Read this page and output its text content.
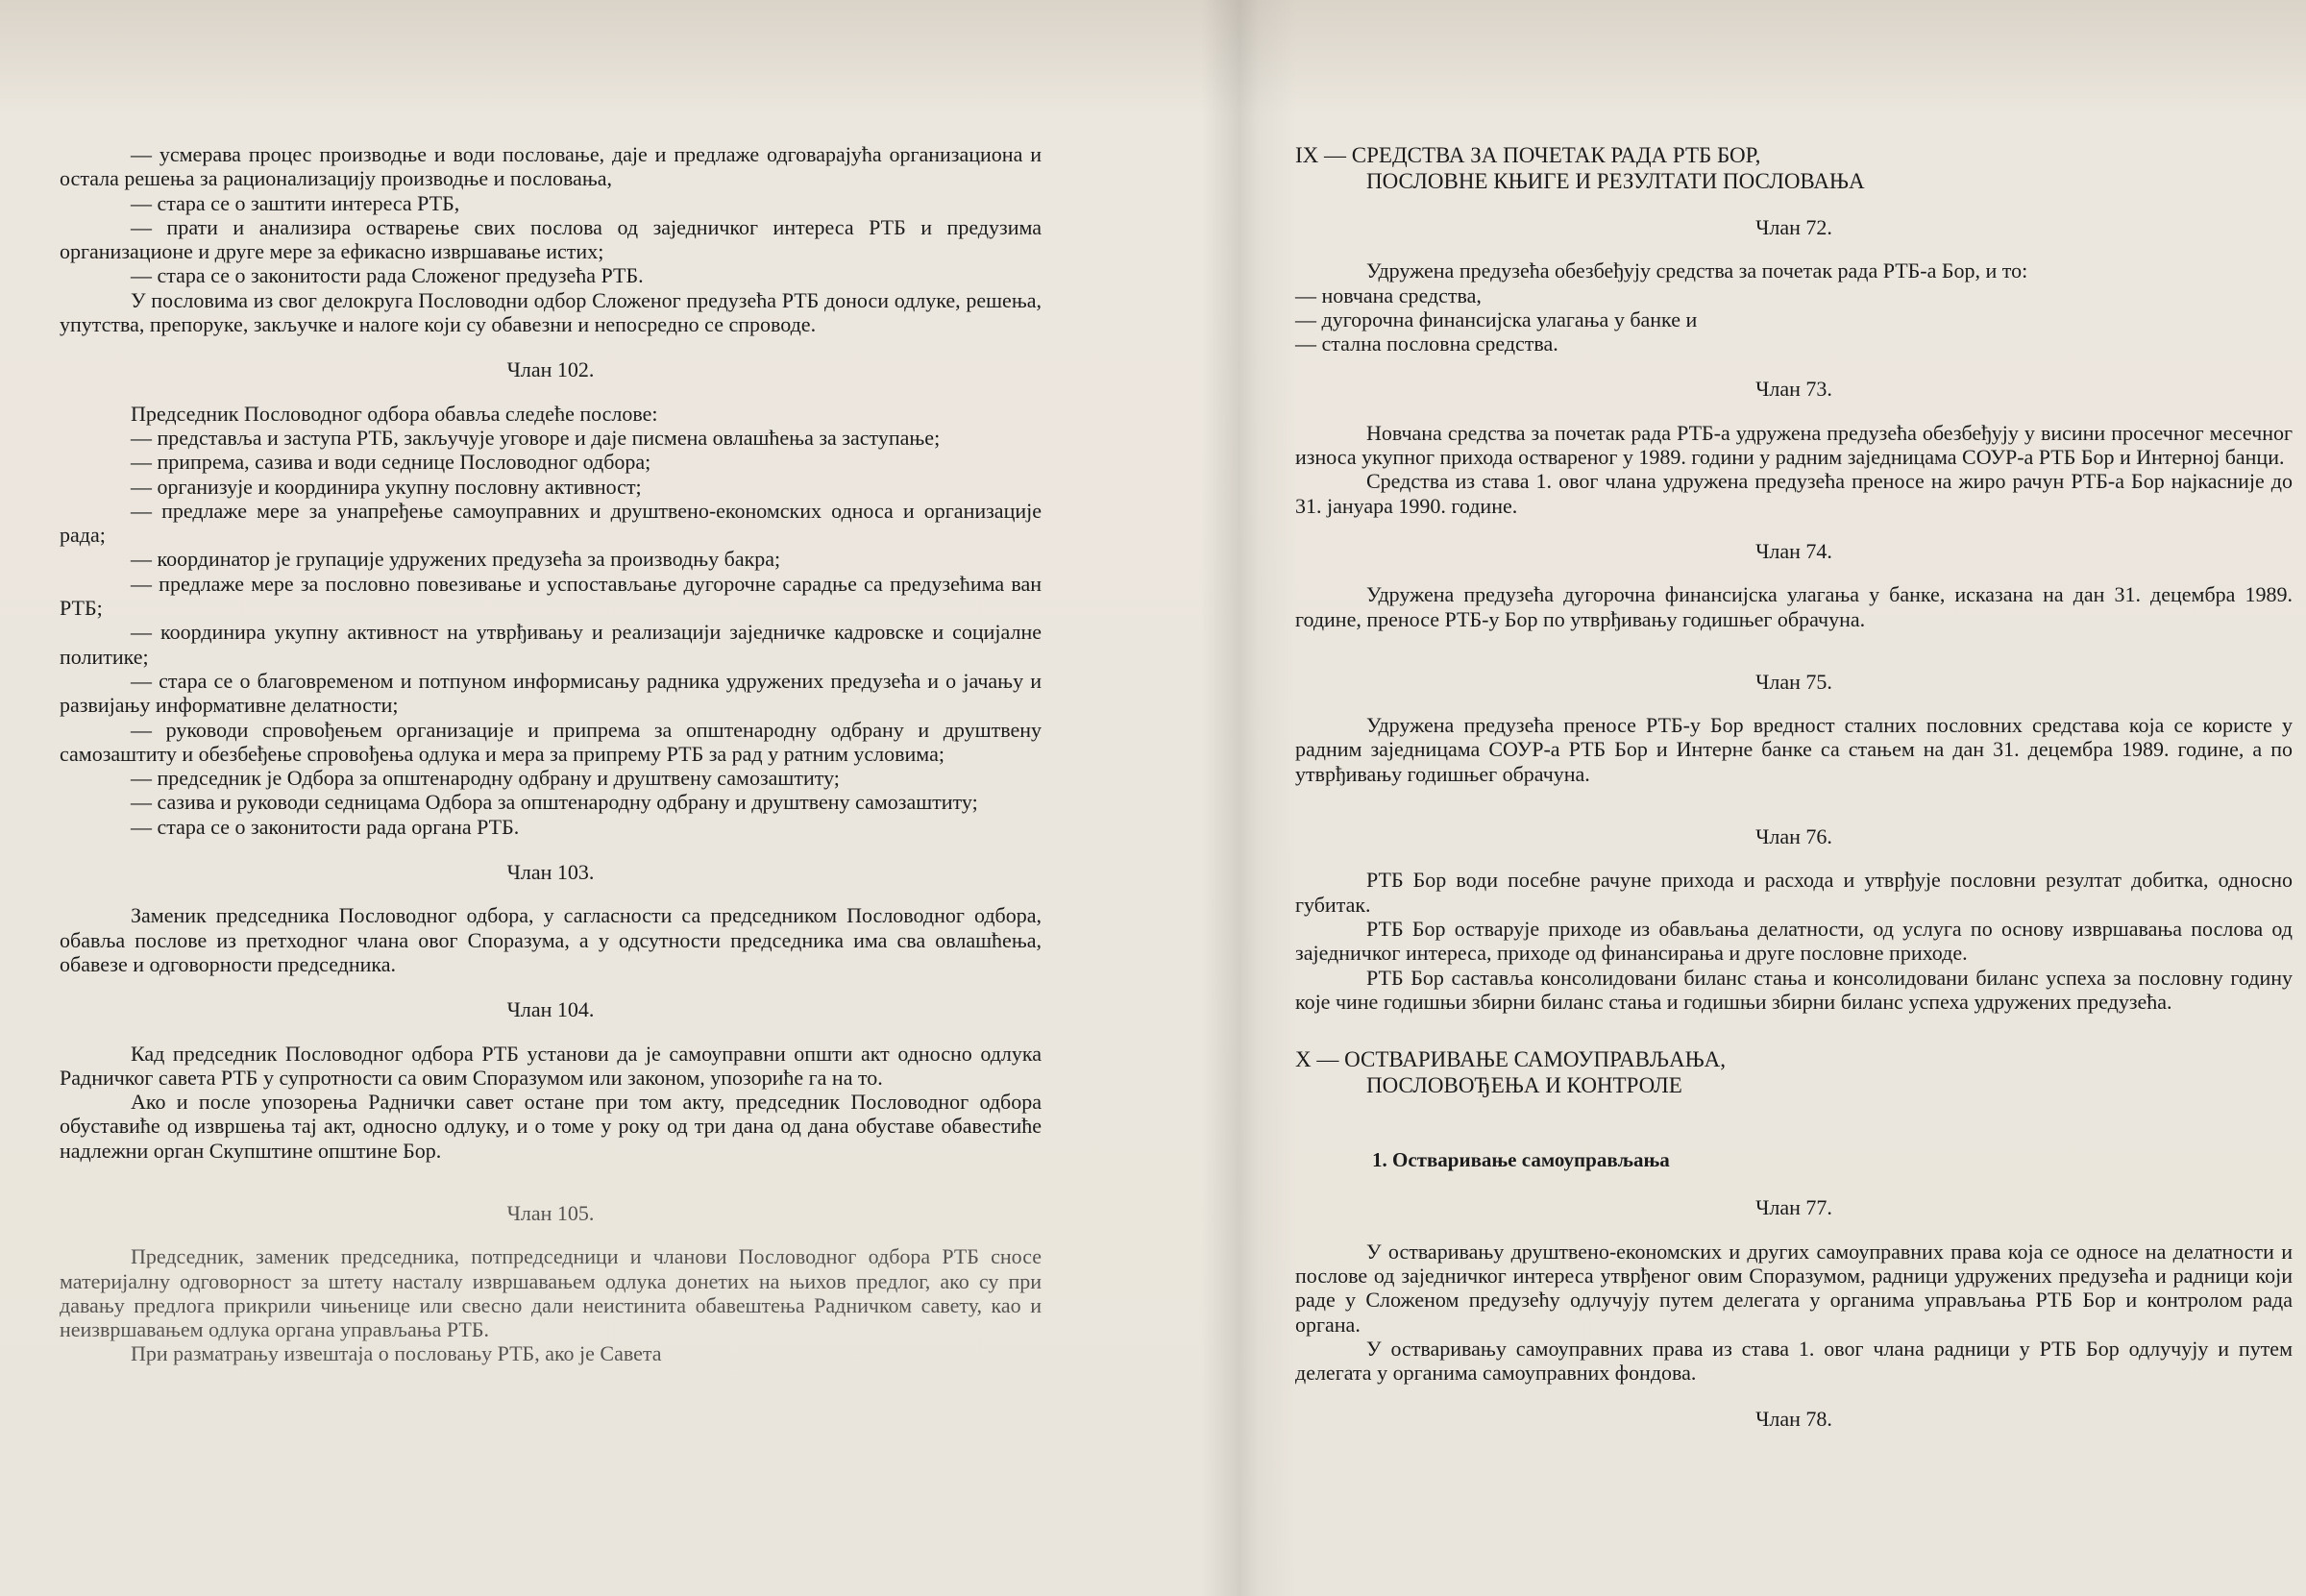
— усмерава процес производње и води пословање, даје и предлаже одговарајућа организациона и остала решења за рационализацију производње и пословања,

— стара се о заштити интереса РТБ,

— прати и анализира остварење свих послова од заједничког интереса РТБ и предузима организационе и друге мере за ефикасно извршавање истих;

— стара се о законитости рада Сложеног предузећа РТБ.

У пословима из свог делокруга Пословодни одбор Сложеног предузећа РТБ доноси одлуке, решења, упутства, препоруке, закључке и налоге који су обавезни и непосредно се спроводе.

Члан 102.

Председник Пословодног одбора обавља следеће послове:

— представља и заступа РТБ, закључује уговоре и даје писмена овлашћења за заступање;

— припрема, сазива и води седнице Пословодног одбора;

— организује и координира укупну пословну активност;

— предлаже мере за унапређење самоуправних и друштвено-економских односа и организације рада;

— координатор је групације удружених предузећа за производњу бакра;

— предлаже мере за пословно повезивање и успостављање дугорочне сарадње са предузећима ван РТБ;

— координира укупну активност на утврђивању и реализацији заједничке кадровске и социјалне политике;

— стара се о благовременом и потпуном информисању радника удружених предузећа и о јачању и развијању информативне делатности;

— руководи спровођењем организације и припрема за општенародну одбрану и друштвену самозаштиту и обезбеђење спровођења одлука и мера за припрему РТБ за рад у ратним условима;

— председник је Одбора за општенародну одбрану и друштвену самозаштиту;

— сазива и руководи седницама Одбора за општенародну одбрану и друштвену самозаштиту;

— стара се о законитости рада органа РТБ.

Члан 103.

Заменик председника Пословодног одбора, у сагласности са председником Пословодног одбора, обавља послове из претходног члана овог Споразума, а у одсутности председника има сва овлашћења, обавезе и одговорности председника.

Члан 104.

Кад председник Пословодног одбора РТБ установи да је самоуправни општи акт односно одлука Радничког савета РТБ у супротности са овим Споразумом или законом, упозориће га на то.

Ако и после упозорења Раднички савет остане при том акту, председник Пословодног одбора обуставиће од извршења тај акт, односно одлуку, и о томе у року од три дана од дана обуставе обавестиће надлежни орган Скупштине општине Бор.

Члан 105.

Председник, заменик председника, потпредседници и чланови Пословодног одбора РТБ сносе материјалну одговорност за штету насталу извршавањем одлука донетих на њихов предлог, ако су при давању предлога прикрили чињенице или свесно дали неистинита обавештења Радничком савету, као и неизвршавањем одлука органа управљања РТБ.

При разматрању извештаја о пословању РТБ, ако је Савета

IX — СРЕДСТВА ЗА ПОЧЕТАК РАДА РТБ БОР,
ПОСЛОВНЕ КЊИГЕ И РЕЗУЛТАТИ ПОСЛОВАЊА

Члан 72.

Удружена предузећа обезбеђују средства за почетак рада РТБ-а Бор, и то:

— новчана средства,

— дугорочна финансијска улагања у банке и

— стална пословна средства.

Члан 73.

Новчана средства за почетак рада РТБ-а удружена предузећа обезбеђују у висини просечног месечног износа укупног прихода оствареног у 1989. години у радним заједницама СОУР-а РТБ Бор и Интерној банци.

Средства из става 1. овог члана удружена предузећа преносе на жиро рачун РТБ-а Бор најкасније до 31. јануара 1990. године.

Члан 74.

Удружена предузећа дугорочна финансијска улагања у банке, исказана на дан 31. децембра 1989. године, преносе РТБ-у Бор по утврђивању годишњег обрачуна.

Члан 75.

Удружена предузећа преносе РТБ-у Бор вредност сталних пословних средстава која се користе у радним заједницама СОУР-а РТБ Бор и Интерне банке са стањем на дан 31. децембра 1989. године, а по утврђивању годишњег обрачуна.

Члан 76.

РТБ Бор води посебне рачуне прихода и расхода и утврђује пословни резултат добитка, односно губитак.

РТБ Бор остварује приходе из обављања делатности, од услуга по основу извршавања послова од заједничког интереса, приходе од финансирања и друге пословне приходе.

РТБ Бор саставља консолидовани биланс стања и консолидовани биланс успеха за пословну годину које чине годишњи збирни биланс стања и годишњи збирни биланс успеха удружених предузећа.

X — ОСТВАРИВАЊЕ САМОУПРАВЉАЊА,
ПОСЛОВОЂЕЊА И КОНТРОЛЕ

1. Остваривање самоуправљања

Члан 77.

У остваривању друштвено-економских и других самоуправних права која се односе на делатности и послове од заједничког интереса утврђеног овим Споразумом, радници удружених предузећа и радници који раде у Сложеном предузећу одлучују путем делегата у органима управљања РТБ Бор и контролом рада органа.

У остваривању самоуправних права из става 1. овог члана радници у РТБ Бор одлучују и путем делегата у органима самоуправних фондова.

Члан 78.
